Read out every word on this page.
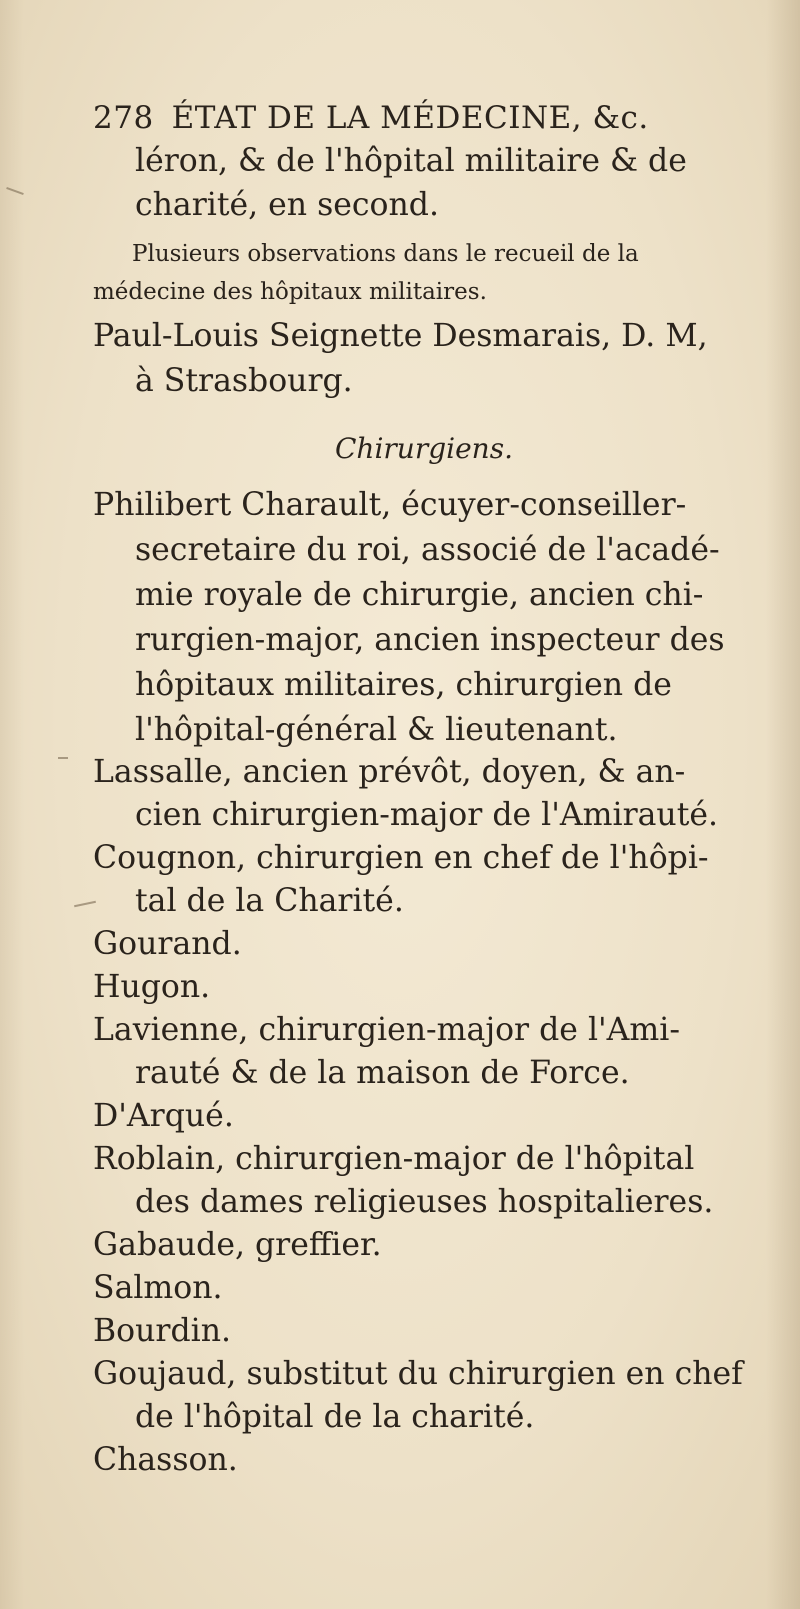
278 ÉTAT DE LA MÉDECINE, &c.
léron, & de l'hôpital militaire & de
charité, en second.
Plusieurs observations dans le recueil de la
médecine des hôpitaux militaires.
Paul-Louis Seignette Desmarais, D. M,
à Strasbourg.
Chirurgiens.
Philibert Charault, écuyer-conseiller-
secretaire du roi, associé de l'acadé-
mie royale de chirurgie, ancien chi-
rurgien-major, ancien inspecteur des
hôpitaux militaires, chirurgien de
l'hôpital-général & lieutenant.
Lassalle, ancien prévôt, doyen, & an-
cien chirurgien-major de l'Amirauté.
Cougnon, chirurgien en chef de l'hôpi-
tal de la Charité.
Gourand.
Hugon.
Lavienne, chirurgien-major de l'Ami-
rauté & de la maison de Force.
D'Arqué.
Roblain, chirurgien-major de l'hôpital
des dames religieuses hospitalieres.
Gabaude, greffier.
Salmon.
Bourdin.
Goujaud, substitut du chirurgien en chef
de l'hôpital de la charité.
Chasson.
